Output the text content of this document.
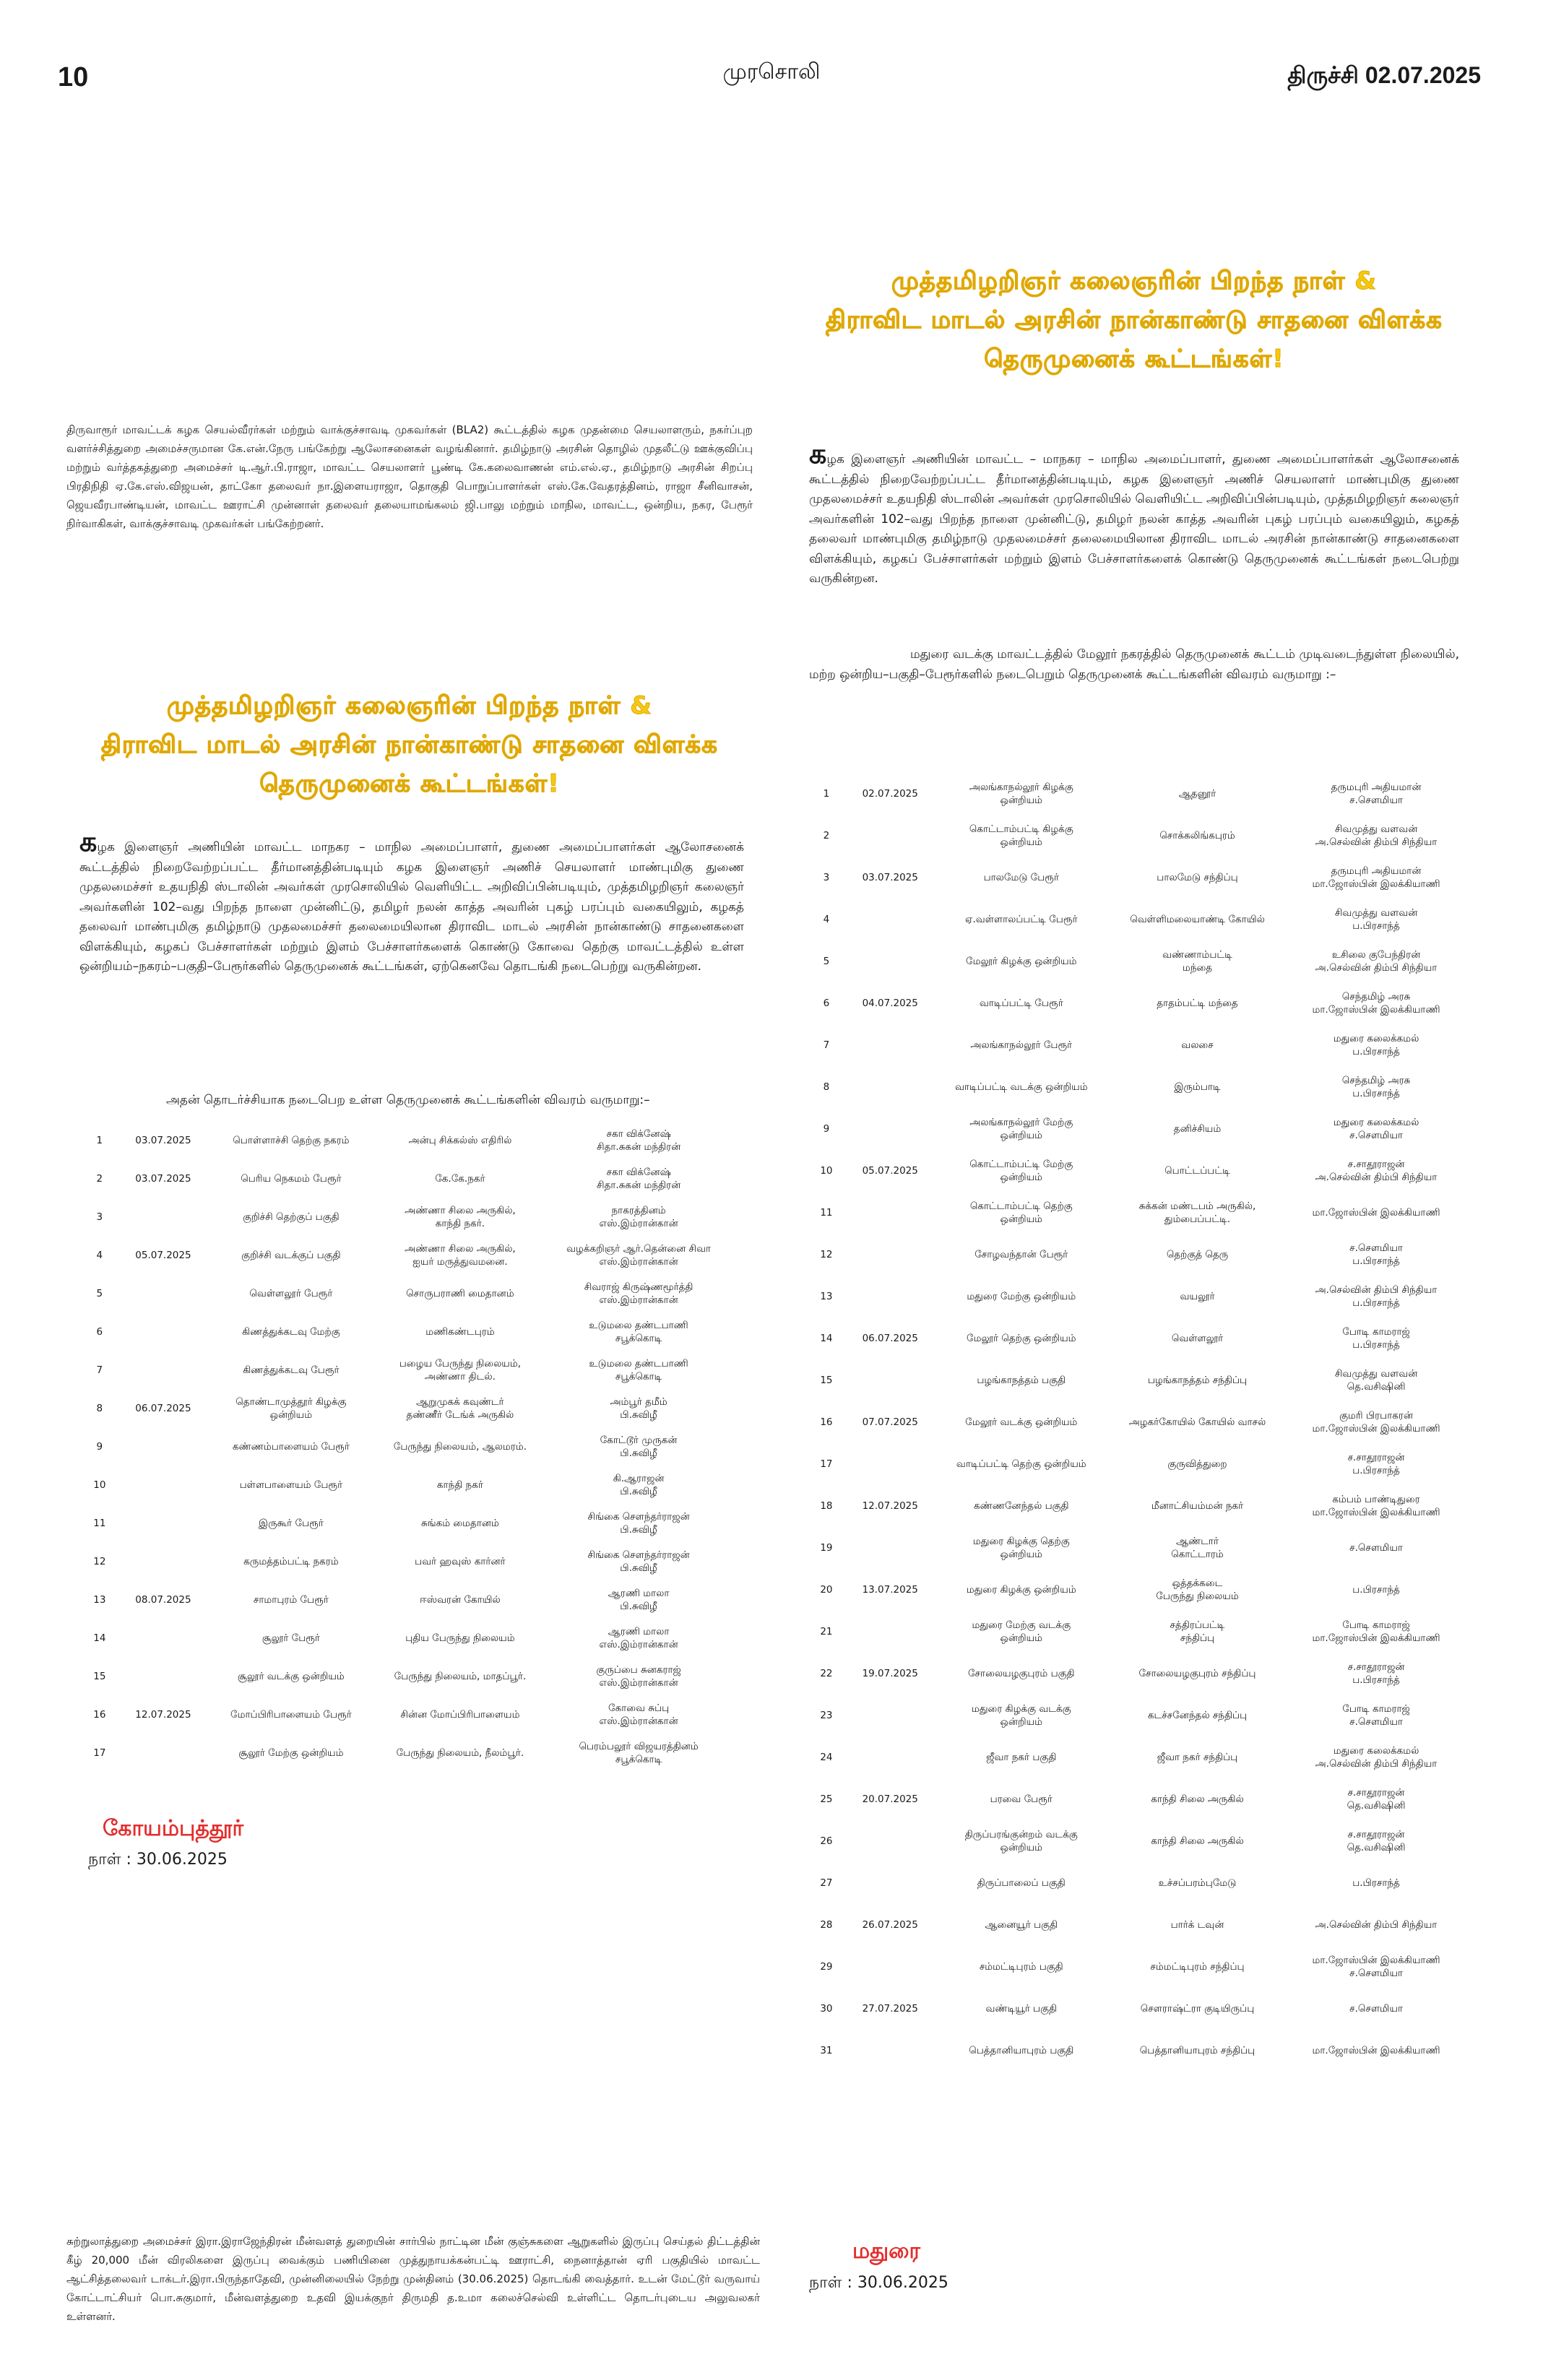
10	முரசொலி	திருச்சி 02.07.2025
முத்தமிழறிஞர் கலைஞரின் பிறந்த நாள் &
திராவிட மாடல் அரசின் நான்காண்டு சாதனை விளக்க
தெருமுனைக் கூட்டங்கள்!
திருவாரூர் மாவட்டக் கழக செயல்வீரர்கள் மற்றும் வாக்குச்சாவடி முகவர்கள் (BLA2) கூட்டத்தில் கழக முதன்மை செயலாளரும், நகர்ப்புற வளர்ச்சித்துறை அமைச்சருமான கே.என்.நேரு பங்கேற்று ஆலோசனைகள் வழங்கினார். தமிழ்நாடு அரசின் தொழில் முதலீட்டு ஊக்குவிப்பு மற்றும் வர்த்தகத்துறை அமைச்சர் டி.ஆர்.பி.ராஜா, மாவட்ட செயலாளர் பூண்டி கே.கலைவாணன் எம்.எல்.ஏ., தமிழ்நாடு அரசின் சிறப்பு பிரதிநிதி ஏ.கே.எஸ்.விஜயன், தாட்கோ தலைவர் நா.இளையராஜா, தொகுதி பொறுப்பாளர்கள் எஸ்.கே.வேதரத்தினம், ராஜா சீனிவாசன், ஜெயவீரபாண்டியன், மாவட்ட ஊராட்சி முன்னாள் தலைவர் தலையாமங்கலம் ஜி.பாலு மற்றும் மாநில, மாவட்ட, ஒன்றிய, நகர, பேரூர் நிர்வாகிகள், வாக்குச்சாவடி முகவர்கள் பங்கேற்றனர்.
கழக இளைஞர் அணியின் மாவட்ட – மாநகர – மாநில அமைப்பாளர், துணை அமைப்பாளர்கள் ஆலோசனைக் கூட்டத்தில் நிறைவேற்றப்பட்ட தீர்மானத்தின்படியும், கழக இளைஞர் அணிச் செயலாளர் மாண்புமிகு துணை முதலமைச்சர் உதயநிதி ஸ்டாலின் அவர்கள் முரசொலியில் வெளியிட்ட அறிவிப்பின்படியும், முத்தமிழறிஞர் கலைஞர் அவர்களின் 102–வது பிறந்த நாளை முன்னிட்டு, தமிழர் நலன் காத்த அவரின் புகழ் பரப்பும் வகையிலும், கழகத் தலைவர் மாண்புமிகு தமிழ்நாடு முதலமைச்சர் தலைமையிலான திராவிட மாடல் அரசின் நான்காண்டு சாதனைகளை விளக்கியும், கழகப் பேச்சாளர்கள் மற்றும் இளம் பேச்சாளர்களைக் கொண்டு தெருமுனைக் கூட்டங்கள் நடைபெற்று வருகின்றன.
மதுரை வடக்கு மாவட்டத்தில் மேலூர் நகரத்தில் தெருமுனைக் கூட்டம் முடிவடைந்துள்ள நிலையில், மற்ற ஒன்றிய–பகுதி–பேரூர்களில் நடைபெறும் தெருமுனைக் கூட்டங்களின் விவரம் வருமாறு :–
முத்தமிழறிஞர் கலைஞரின் பிறந்த நாள் &
திராவிட மாடல் அரசின் நான்காண்டு சாதனை விளக்க
தெருமுனைக் கூட்டங்கள்!
கழக இளைஞர் அணியின் மாவட்ட மாநகர – மாநில அமைப்பாளர், துணை அமைப்பாளர்கள் ஆலோசனைக் கூட்டத்தில் நிறைவேற்றப்பட்ட தீர்மானத்தின்படியும் கழக இளைஞர் அணிச் செயலாளர் மாண்புமிகு துணை முதலமைச்சர் உதயநிதி ஸ்டாலின் அவர்கள் முரசொலியில் வெளியிட்ட அறிவிப்பின்படியும், முத்தமிழறிஞர் கலைஞர் அவர்களின் 102–வது பிறந்த நாளை முன்னிட்டு, தமிழர் நலன் காத்த அவரின் புகழ் பரப்பும் வகையிலும், கழகத் தலைவர் மாண்புமிகு தமிழ்நாடு முதலமைச்சர் தலைமையிலான திராவிட மாடல் அரசின் நான்காண்டு சாதனைகளை விளக்கியும், கழகப் பேச்சாளர்கள் மற்றும் இளம் பேச்சாளர்களைக் கொண்டு கோவை தெற்கு மாவட்டத்தில் உள்ள ஒன்றியம்–நகரம்–பகுதி–பேரூர்களில் தெருமுனைக் கூட்டங்கள், ஏற்கெனவே தொடங்கி நடைபெற்று வருகின்றன.
அதன் தொடர்ச்சியாக நடைபெற உள்ள தெருமுனைக் கூட்டங்களின் விவரம் வருமாறு:–
1	03.07.2025	பொள்ளாச்சி தெற்கு நகரம்	அன்பு சிக்கல்ஸ் எதிரில்	சகா விக்னேஷ்
சிதா.சுகன் மந்திரன்
2	03.07.2025	பெரிய நெகமம் பேரூர்	கே.கே.நகர்	சகா விக்னேஷ்
சிதா.சுகன் மந்திரன்
3		குறிச்சி தெற்குப் பகுதி	அண்ணா சிலை அருகில்,
காந்தி நகர்.	நாகரத்தினம்
எஸ்.இம்ரான்கான்
4	05.07.2025	குறிச்சி வடக்குப் பகுதி	அண்ணா சிலை அருகில்,
ஐயர் மருத்துவமனை.	வழக்கறிஞர் ஆர்.தென்னை சிவா
எஸ்.இம்ரான்கான்
5		வெள்ளலூர் பேரூர்	சொருபராணி மைதானம்	சிவராஜ் கிருஷ்ணமூர்த்தி
எஸ்.இம்ரான்கான்
6		கிணத்துக்கடவு மேற்கு	மணிகண்டபுரம்	உடுமலை தண்டபாணி
சபூக்கொடி
7		கிணத்துக்கடவு பேரூர்	பழைய பேருந்து நிலையம்,
அண்ணா திடல்.	உடுமலை தண்டபாணி
சபூக்கொடி
8	06.07.2025	தொண்டாமுத்தூர் கிழக்கு
ஒன்றியம்	ஆறுமுகக் கவுண்டர்
தண்ணீர் டேங்க் அருகில்	அம்பூர் தமீம்
பி.சுவிழீ
9		கண்ணம்பாளையம் பேரூர்	பேருந்து நிலையம், ஆலமரம்.	கோட்டூர் முருகன்
பி.சுவிழீ
10		பள்ளபாளையம் பேரூர்	காந்தி நகர்	கி.ஆராஜன்
பி.சுவிழீ
11		இருகூர் பேரூர்	சுங்கம் மைதானம்	சிங்கை சௌந்தர்ராஜன்
பி.சுவிழீ
12		கருமத்தம்பட்டி நகரம்	பவர் ஹவுஸ் கார்னர்	சிங்கை சௌந்தர்ராஜன்
பி.சுவிழீ
13	08.07.2025	சாமாபுரம் பேரூர்	ஈஸ்வரன் கோயில்	ஆரணி மாலா
பி.சுவிழீ
14		சூலூர் பேரூர்	புதிய பேருந்து நிலையம்	ஆரணி மாலா
எஸ்.இம்ரான்கான்
15		சூலூர் வடக்கு ஒன்றியம்	பேருந்து நிலையம், மாதப்பூர்.	குருப்பை சுனகராஜ்
எஸ்.இம்ரான்கான்
16	12.07.2025	மோப்பிரிபாளையம் பேரூர்	சின்ன மோப்பிரிபாளையம்	கோவை சுப்பு
எஸ்.இம்ரான்கான்
17		சூலூர் மேற்கு ஒன்றியம்	பேருந்து நிலையம், நீலம்பூர்.	பெரம்பலூர் விஜயரத்தினம்
சபூக்கொடி
1	02.07.2025	அலங்காநல்லூர் கிழக்கு
ஒன்றியம்	ஆதனூர்	தருமபுரி அதியமான்
ச.சௌமியா
2		கொட்டாம்பட்டி கிழக்கு
ஒன்றியம்	சொக்கலிங்கபுரம்	சிவமுத்து வளவன்
அ.செல்வின் திம்பி சிந்தியா
3	03.07.2025	பாலமேடு பேரூர்	பாலமேடு சந்திப்பு	தருமபுரி அதியமான்
மா.ஜோஸ்பின் இலக்கியாணி
4		ஏ.வள்ளாலப்பட்டி பேரூர்	வெள்ளிமலையாண்டி கோயில்	சிவமுத்து வளவன்
ப.பிரசாந்த்
5		மேலூர் கிழக்கு ஒன்றியம்	வண்ணாம்பட்டி
மந்தை	உசிலை குபேந்திரன்
அ.செல்வின் திம்பி சிந்தியா
6	04.07.2025	வாடிப்பட்டி பேரூர்	தாதம்பட்டி மந்தை	செந்தமிழ் அரசு
மா.ஜோஸ்பின் இலக்கியாணி
7		அலங்காநல்லூர் பேரூர்	வலசை	மதுரை கலைக்கமல்
ப.பிரசாந்த்
8		வாடிப்பட்டி வடக்கு ஒன்றியம்	இரும்பாடி	செந்தமிழ் அரசு
ப.பிரசாந்த்
9		அலங்காநல்லூர் மேற்கு
ஒன்றியம்	தனிச்சியம்	மதுரை கலைக்கமல்
ச.சௌமியா
10	05.07.2025	கொட்டாம்பட்டி மேற்கு
ஒன்றியம்	பொட்டப்பட்டி	ச.சாதூராஜன்
அ.செல்வின் திம்பி சிந்தியா
11		கொட்டாம்பட்டி தெற்கு
ஒன்றியம்	சுக்கன் மண்டபம் அருகில்,
தும்பைப்பட்டி.	மா.ஜோஸ்பின் இலக்கியாணி
12		சோழவந்தான் பேரூர்	தெற்குத் தெரு	ச.சௌமியா
ப.பிரசாந்த்
13		மதுரை மேற்கு ஒன்றியம்	வயலூர்	அ.செல்வின் திம்பி சிந்தியா
ப.பிரசாந்த்
14	06.07.2025	மேலூர் தெற்கு ஒன்றியம்	வெள்ளலூர்	போடி காமராஜ்
ப.பிரசாந்த்
15		பழங்காநத்தம் பகுதி	பழங்காநத்தம் சந்திப்பு	சிவமுத்து வளவன்
தெ.வசிஷினி
16	07.07.2025	மேலூர் வடக்கு ஒன்றியம்	அழகர்கோயில் கோயில் வாசல்	குமரி பிரபாகரன்
மா.ஜோஸ்பின் இலக்கியாணி
17		வாடிப்பட்டி தெற்கு ஒன்றியம்	குருவித்துறை	ச.சாதூராஜன்
ப.பிரசாந்த்
18	12.07.2025	கண்ணனேந்தல் பகுதி	மீனாட்சியம்மன் நகர்	கம்பம் பாண்டிதுரை
மா.ஜோஸ்பின் இலக்கியாணி
19		மதுரை கிழக்கு தெற்கு
ஒன்றியம்	ஆண்டார்
கொட்டாரம்	ச.சௌமியா
20	13.07.2025	மதுரை கிழக்கு ஒன்றியம்	ஒத்தக்கடை
பேருந்து நிலையம்	ப.பிரசாந்த்
21		மதுரை மேற்கு வடக்கு
ஒன்றியம்	சத்திரப்பட்டி
சந்திப்பு	போடி காமராஜ்
மா.ஜோஸ்பின் இலக்கியாணி
22	19.07.2025	சோலையழகுபுரம் பகுதி	சோலையழகுபுரம் சந்திப்பு	ச.சாதூராஜன்
ப.பிரசாந்த்
23		மதுரை கிழக்கு வடக்கு
ஒன்றியம்	கடச்சனேந்தல் சந்திப்பு	போடி காமராஜ்
ச.சௌமியா
24		ஜீவா நகர் பகுதி	ஜீவா நகர் சந்திப்பு	மதுரை கலைக்கமல்
அ.செல்வின் திம்பி சிந்தியா
25	20.07.2025	பரவை பேரூர்	காந்தி சிலை அருகில்	ச.சாதூராஜன்
தெ.வசிஷினி
26		திருப்பரங்குன்றம் வடக்கு
ஒன்றியம்	காந்தி சிலை அருகில்	ச.சாதூராஜன்
தெ.வசிஷினி
27		திருப்பாலைப் பகுதி	உச்சப்பரம்புமேடு	ப.பிரசாந்த்
28	26.07.2025	ஆனையூர் பகுதி	பார்க் டவுன்	அ.செல்வின் திம்பி சிந்தியா
29		சம்மட்டிபுரம் பகுதி	சம்மட்டிபுரம் சந்திப்பு	மா.ஜோஸ்பின் இலக்கியாணி
ச.சௌமியா
30	27.07.2025	வண்டியூர் பகுதி	சௌராஷ்ட்ரா குடியிருப்பு	ச.சௌமியா
31		பெத்தானியாபுரம் பகுதி	பெத்தானியாபுரம் சந்திப்பு	மா.ஜோஸ்பின் இலக்கியாணி
கோயம்புத்தூர்
நாள் : 30.06.2025
மதுரை
நாள் : 30.06.2025
சுற்றுலாத்துறை அமைச்சர் இரா.இராஜேந்திரன் மீன்வளத் துறையின் சார்பில் நாட்டின மீன் குஞ்சுகளை ஆறுகளில் இருப்பு செய்தல் திட்டத்தின் கீழ் 20,000 மீன் விரலிகளை இருப்பு வைக்கும் பணியினை முத்துநாயக்கன்பட்டி ஊராட்சி, நைனாத்தான் ஏரி பகுதியில் மாவட்ட ஆட்சித்தலைவர் டாக்டர்.இரா.பிருந்தாதேவி, முன்னிலையில் நேற்று முன்தினம் (30.06.2025) தொடங்கி வைத்தார். உடன் மேட்டூர் வருவாய் கோட்டாட்சியர் பொ.சுகுமார், மீன்வளத்துறை உதவி இயக்குநர் திருமதி த.உமா கலைச்செல்வி உள்ளிட்ட தொடர்புடைய அலுவலகர் உள்ளனர்.
